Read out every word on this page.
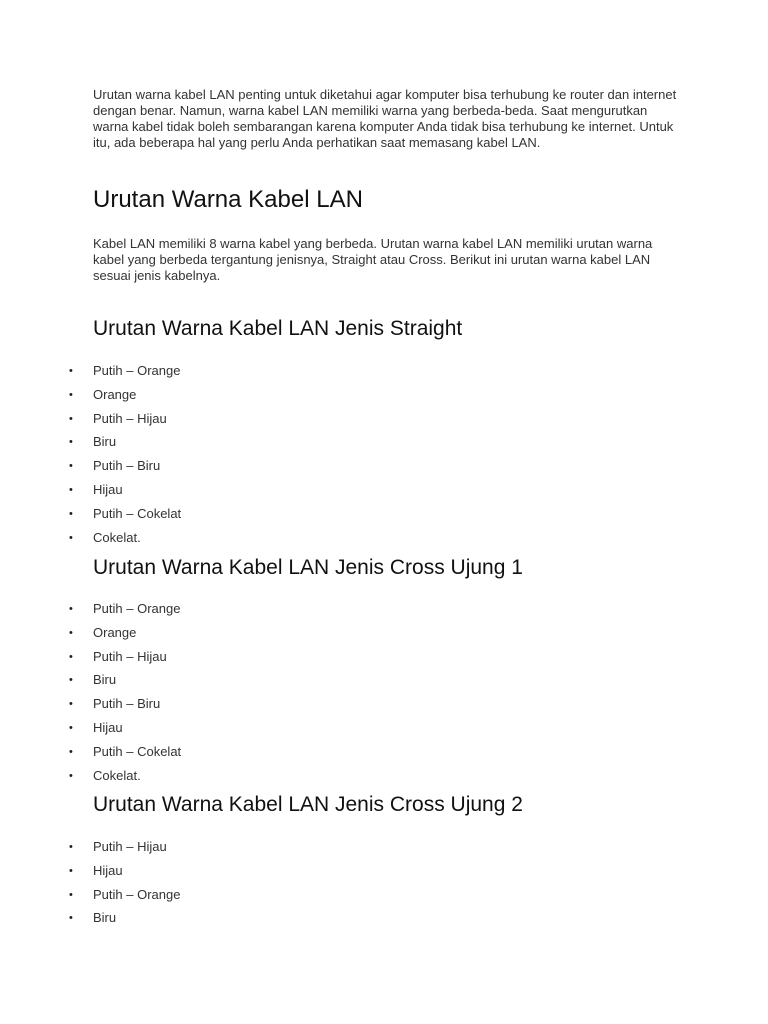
Urutan warna kabel LAN penting untuk diketahui agar komputer bisa terhubung ke router dan internet dengan benar. Namun, warna kabel LAN memiliki warna yang berbeda-beda. Saat mengurutkan warna kabel tidak boleh sembarangan karena komputer Anda tidak bisa terhubung ke internet. Untuk itu, ada beberapa hal yang perlu Anda perhatikan saat memasang kabel LAN.

Urutan Warna Kabel LAN

Kabel LAN memiliki 8 warna kabel yang berbeda. Urutan warna kabel LAN memiliki urutan warna kabel yang berbeda tergantung jenisnya, Straight atau Cross. Berikut ini urutan warna kabel LAN sesuai jenis kabelnya.

Urutan Warna Kabel LAN Jenis Straight
• Putih – Orange
• Orange
• Putih – Hijau
• Biru
• Putih – Biru
• Hijau
• Putih – Cokelat
• Cokelat.
Urutan Warna Kabel LAN Jenis Cross Ujung 1
• Putih – Orange
• Orange
• Putih – Hijau
• Biru
• Putih – Biru
• Hijau
• Putih – Cokelat
• Cokelat.
Urutan Warna Kabel LAN Jenis Cross Ujung 2
• Putih – Hijau
• Hijau
• Putih – Orange
• Biru
